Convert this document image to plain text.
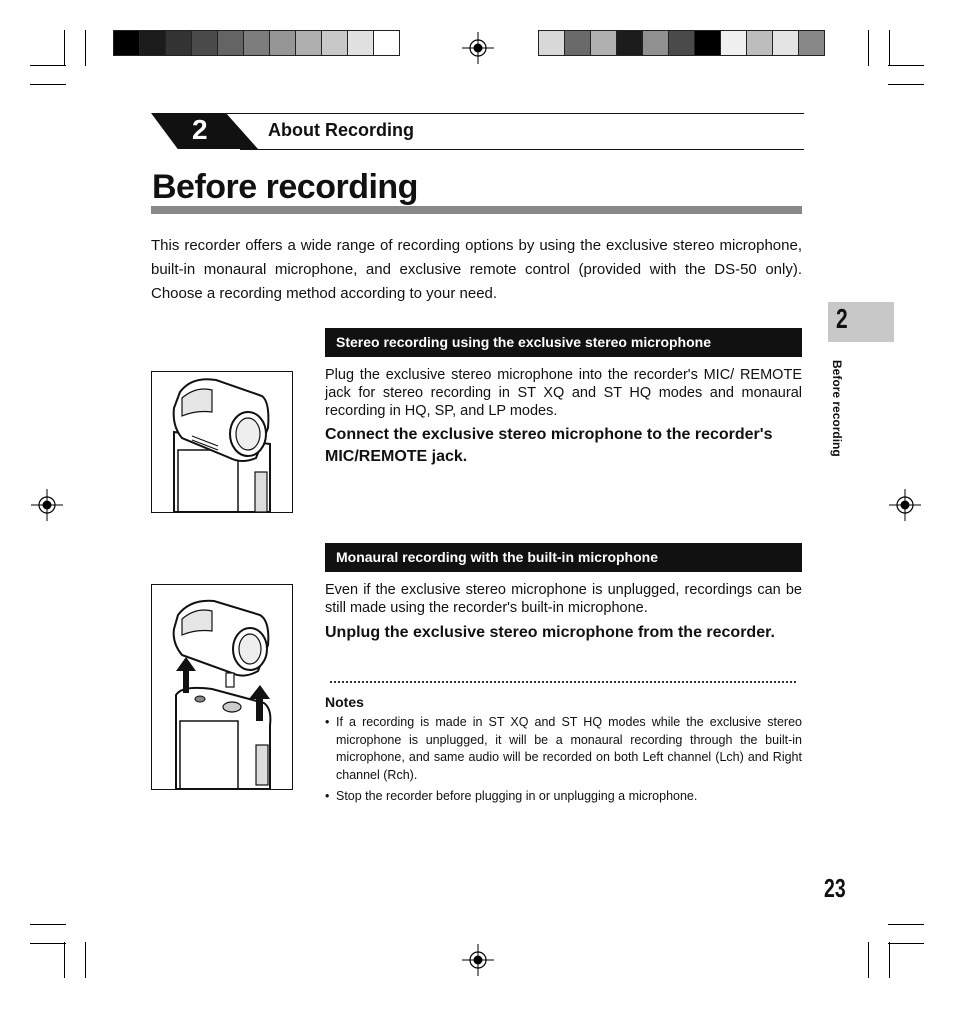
2	About Recording
Before recording
This recorder offers a wide range of recording options by using the exclusive stereo microphone, built-in monaural microphone, and exclusive remote control (provided with the DS-50 only). Choose a recording method according to your need.
Stereo recording using the exclusive stereo microphone
Plug the exclusive stereo microphone into the recorder's MIC/ REMOTE jack for stereo recording in ST XQ and ST HQ modes and monaural recording in HQ, SP, and LP modes.
Connect the exclusive stereo microphone to the recorder's MIC/REMOTE jack.
Monaural recording with the built-in microphone
Even if the exclusive stereo microphone is unplugged, recordings can be still made using the recorder's built-in microphone.
Unplug the exclusive stereo microphone from the recorder.
Notes
• If a recording is made in ST XQ and ST HQ modes while the exclusive stereo microphone is unplugged, it will be a monaural recording through the built-in microphone, and same audio will be recorded on both Left channel (Lch) and Right channel (Rch).
• Stop the recorder before plugging in or unplugging a microphone.
2
Before recording
23
